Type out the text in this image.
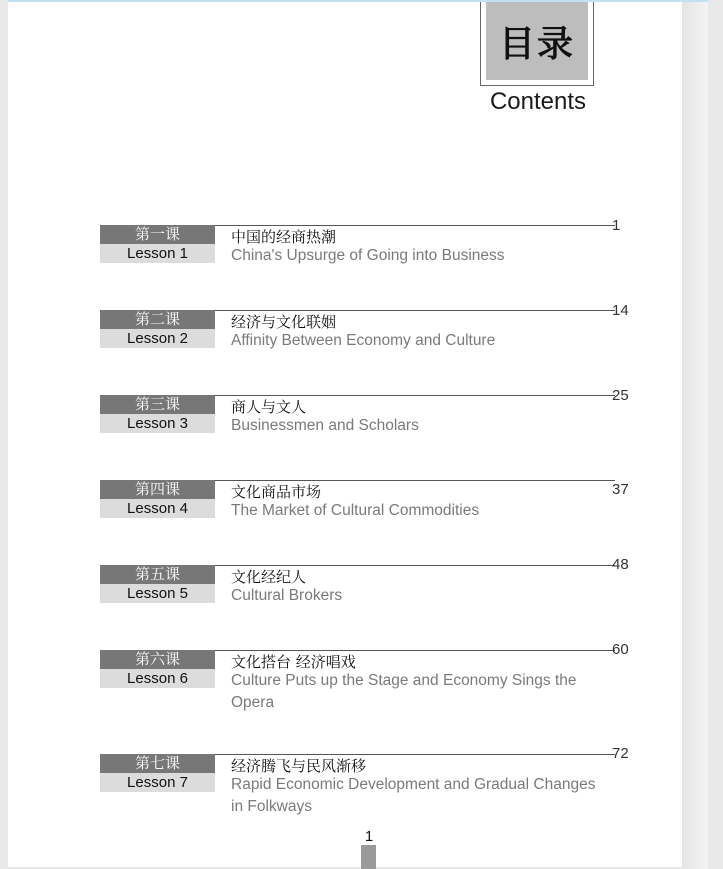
目录
Contents
第一课
Lesson 1
中国的经商热潮
China's Upsurge of Going into Business
1
第二课
Lesson 2
经济与文化联姻
Affinity Between Economy and Culture
14
第三课
Lesson 3
商人与文人
Businessmen and Scholars
25
第四课
Lesson 4
文化商品市场
The Market of Cultural Commodities
37
第五课
Lesson 5
文化经纪人
Cultural Brokers
48
第六课
Lesson 6
文化搭台 经济唱戏
Culture Puts up the Stage and Economy Sings the Opera
60
第七课
Lesson 7
经济腾飞与民风渐移
Rapid Economic Development and Gradual Changes in Folkways
72
1
